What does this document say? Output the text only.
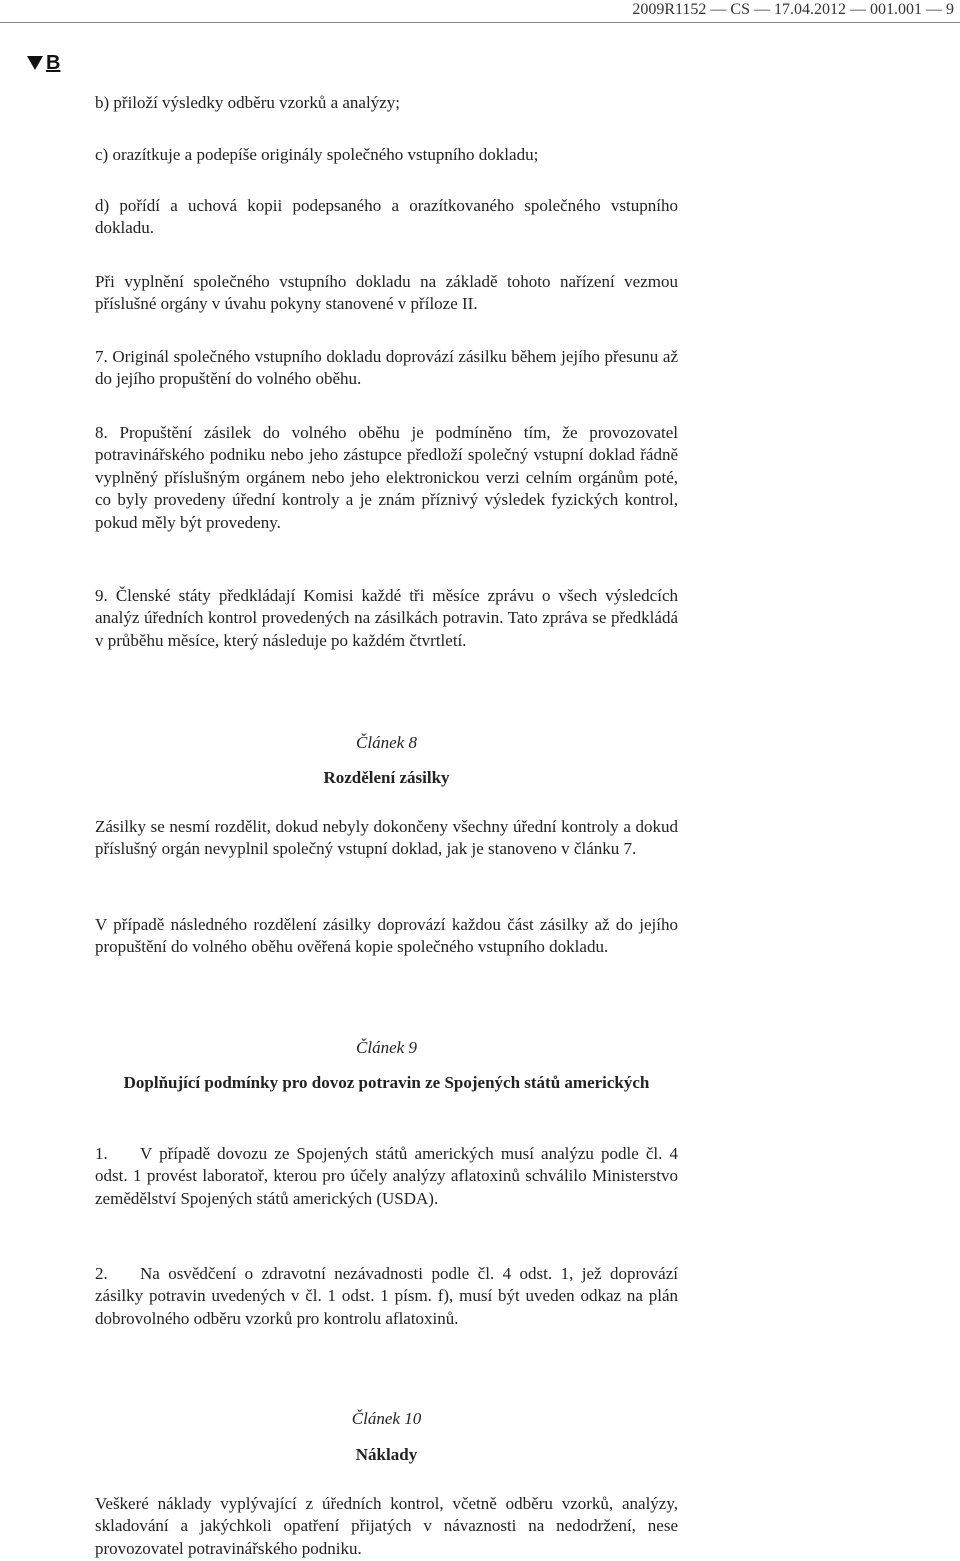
2009R1152 — CS — 17.04.2012 — 001.001 — 9
B

b) přiloží výsledky odběru vzorků a analýzy;

c) orazítkuje a podepíše originály společného vstupního dokladu;

d) pořídí a uchová kopii podepsaného a orazítkovaného společného vstupního dokladu.

Při vyplnění společného vstupního dokladu na základě tohoto nařízení vezmou příslušné orgány v úvahu pokyny stanovené v příloze II.

7. Originál společného vstupního dokladu doprovází zásilku během jejího přesunu až do jejího propuštění do volného oběhu.

8. Propuštění zásilek do volného oběhu je podmíněno tím, že provozovatel potravinářského podniku nebo jeho zástupce předloží společný vstupní doklad řádně vyplněný příslušným orgánem nebo jeho elektronickou verzi celním orgánům poté, co byly provedeny úřední kontroly a je znám příznivý výsledek fyzických kontrol, pokud měly být provedeny.

9. Členské státy předkládají Komisi každé tři měsíce zprávu o všech výsledcích analýz úředních kontrol provedených na zásilkách potravin. Tato zpráva se předkládá v průběhu měsíce, který následuje po každém čtvrtletí.

Článek 8

Rozdělení zásilky

Zásilky se nesmí rozdělit, dokud nebyly dokončeny všechny úřední kontroly a dokud příslušný orgán nevyplnil společný vstupní doklad, jak je stanoveno v článku 7.

V případě následného rozdělení zásilky doprovází každou část zásilky až do jejího propuštění do volného oběhu ověřená kopie společného vstupního dokladu.

Článek 9

Doplňující podmínky pro dovoz potravin ze Spojených států amerických

1.	V případě dovozu ze Spojených států amerických musí analýzu podle čl. 4 odst. 1 provést laboratoř, kterou pro účely analýzy aflatoxinů schválilo Ministerstvo zemědělství Spojených států amerických (USDA).

2.	Na osvědčení o zdravotní nezávadnosti podle čl. 4 odst. 1, jež doprovází zásilky potravin uvedených v čl. 1 odst. 1 písm. f), musí být uveden odkaz na plán dobrovolného odběru vzorků pro kontrolu aflatoxinů.

Článek 10

Náklady

Veškeré náklady vyplývající z úředních kontrol, včetně odběru vzorků, analýzy, skladování a jakýchkoli opatření přijatých v návaznosti na nedodržení, nese provozovatel potravinářského podniku.
